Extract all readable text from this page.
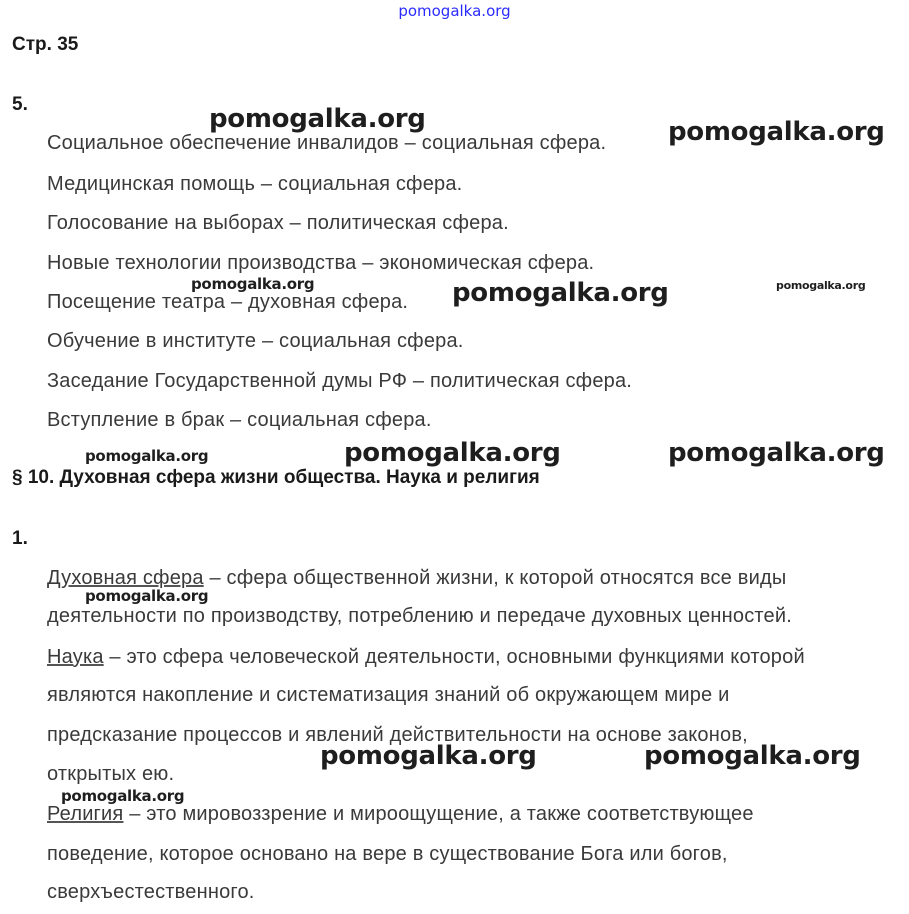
pomogalka.org
Стр. 35
5.
Социальное обеспечение инвалидов – социальная сфера.
Медицинская помощь – социальная сфера.
Голосование на выборах – политическая сфера.
Новые технологии производства – экономическая сфера.
Посещение театра – духовная сфера.
Обучение в институте – социальная сфера.
Заседание Государственной думы РФ – политическая сфера.
Вступление в брак – социальная сфера.
§ 10. Духовная сфера жизни общества. Наука и религия
1.
Духовная сфера – сфера общественной жизни, к которой относятся все виды
деятельности по производству, потреблению и передаче духовных ценностей.
Наука – это сфера человеческой деятельности, основными функциями которой
являются накопление и систематизация знаний об окружающем мире и
предсказание процессов и явлений действительности на основе законов,
открытых ею.
Религия – это мировоззрение и мироощущение, а также соответствующее
поведение, которое основано на вере в существование Бога или богов,
сверхъестественного.
pomogalka.org	pomogalka.org
pomogalka.org	pomogalka.org	pomogalka.org
pomogalka.org	pomogalka.org
pomogalka.org
pomogalka.org
pomogalka.org	pomogalka.org
pomogalka.org
